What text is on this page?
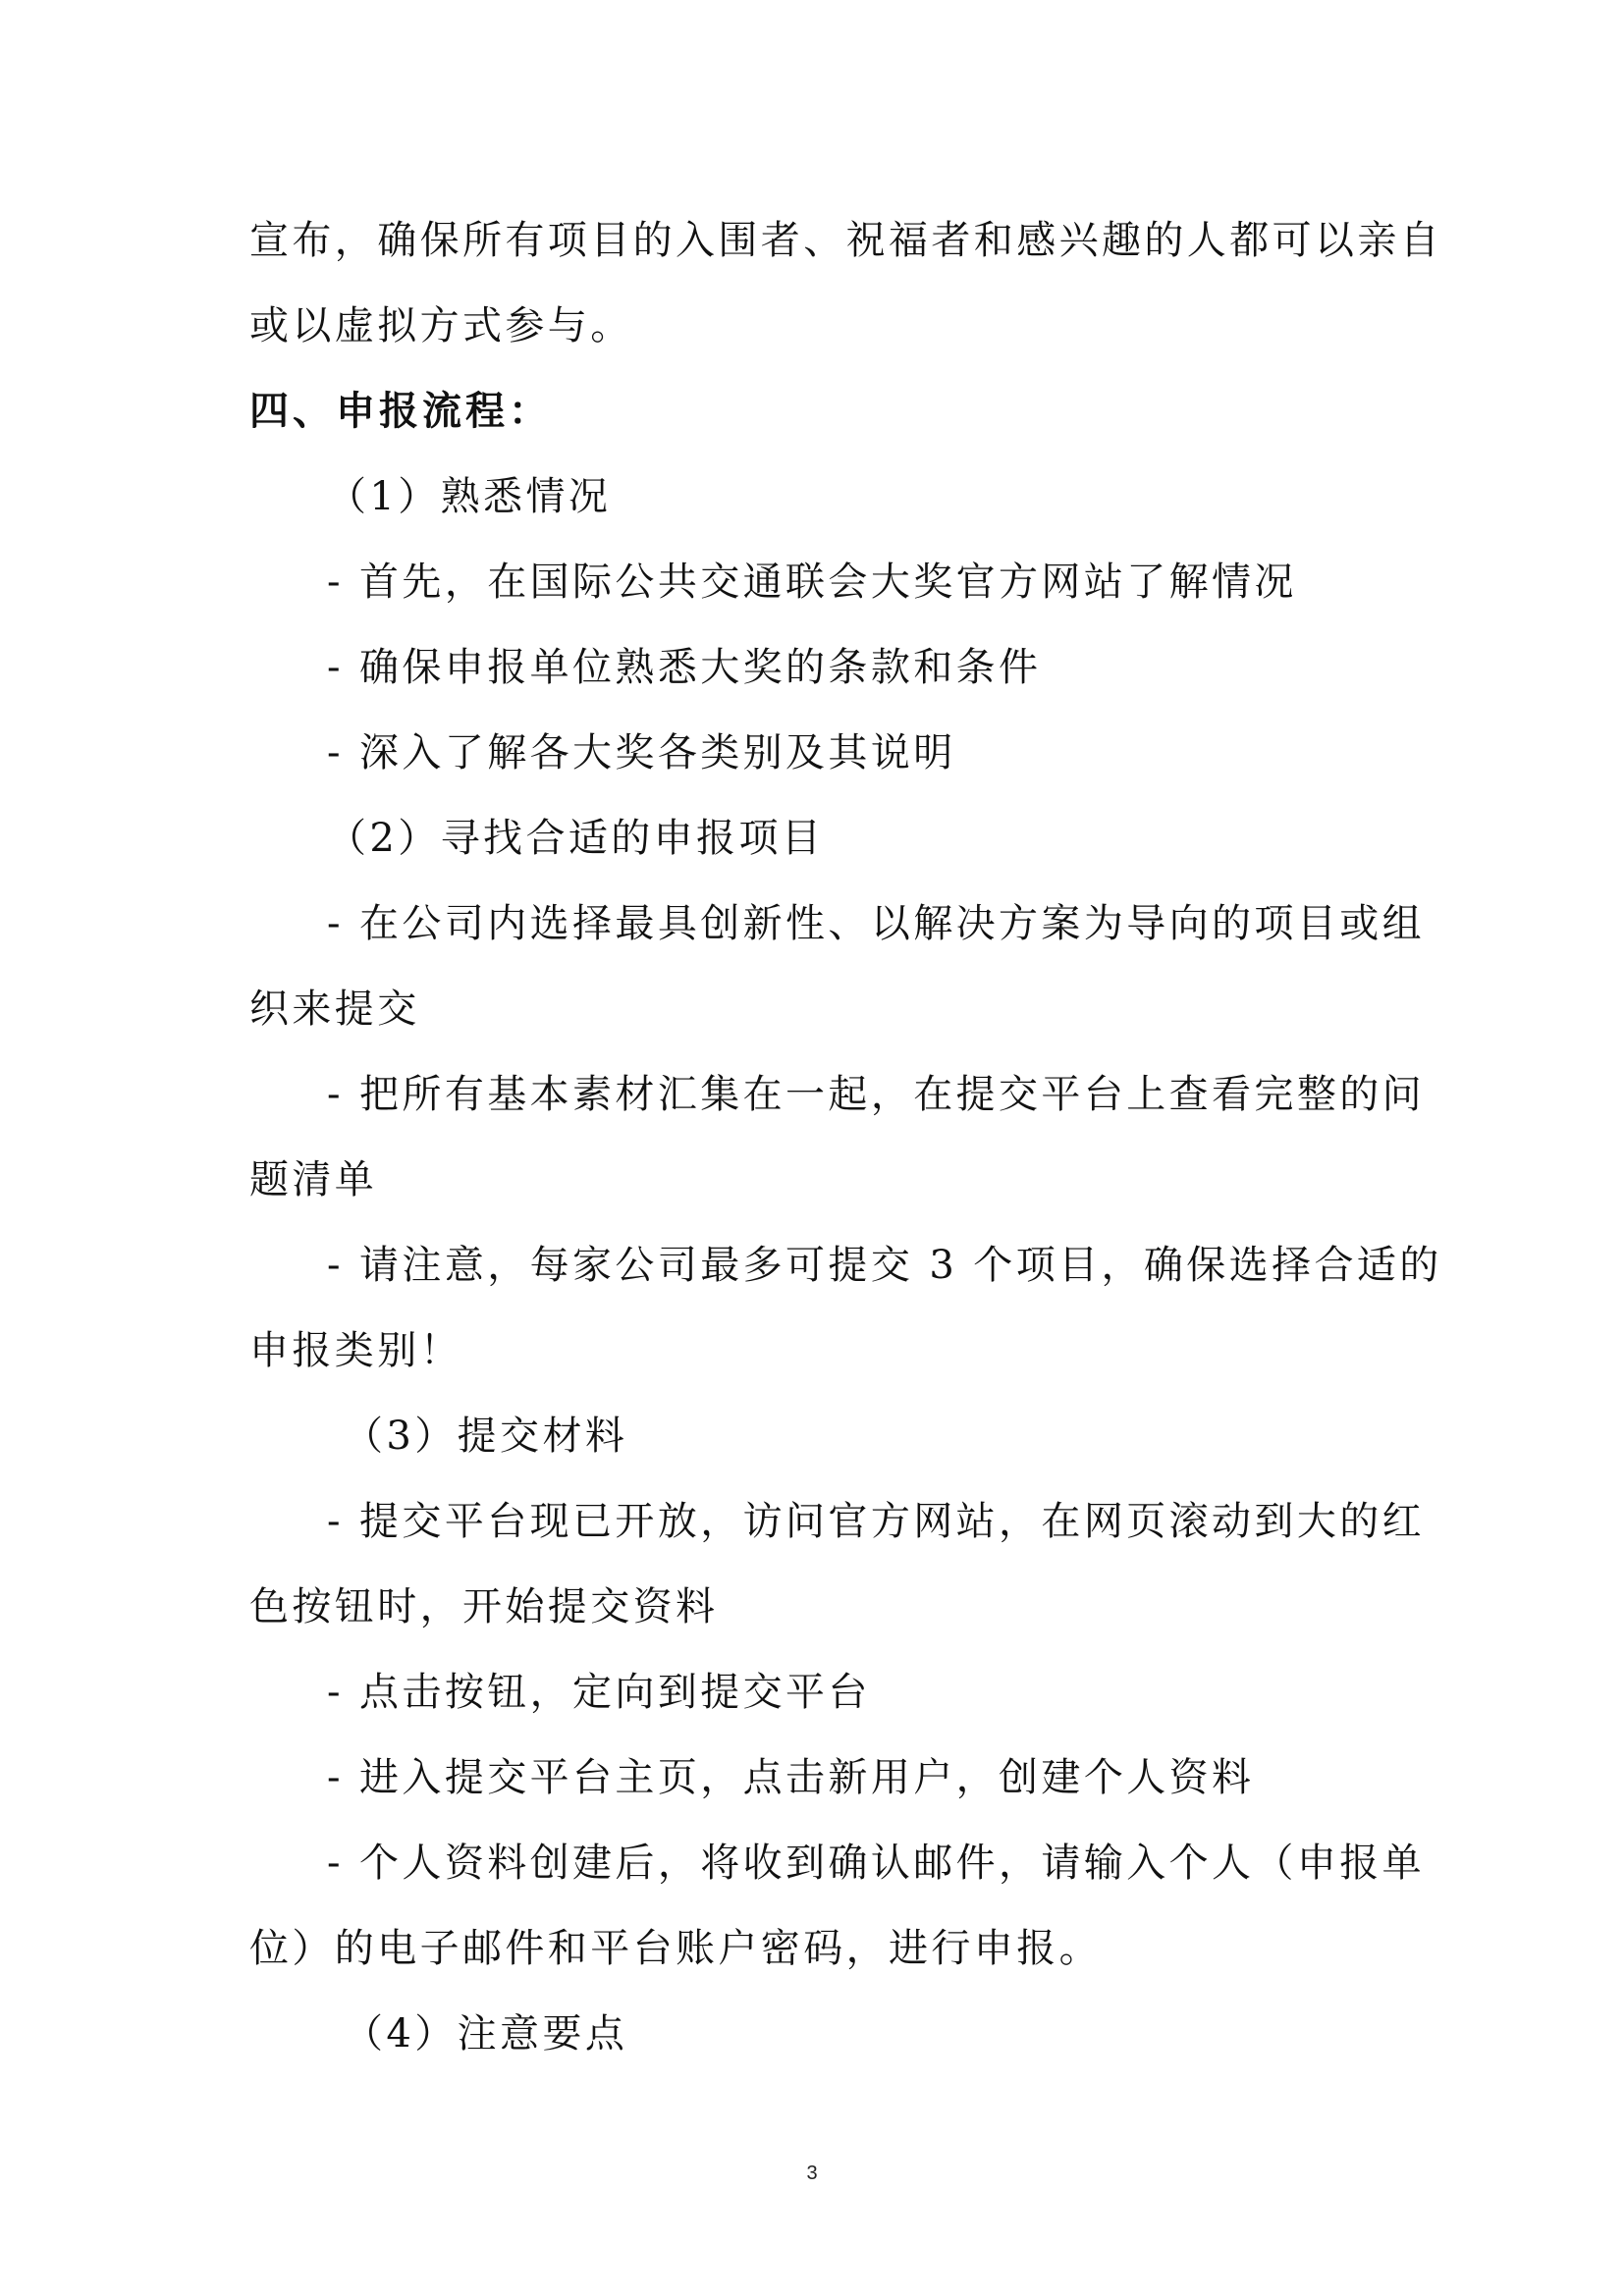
宣布，确保所有项目的入围者、祝福者和感兴趣的人都可以亲自
或以虚拟方式参与。
四、申报流程：
（1）熟悉情况
- 首先，在国际公共交通联会大奖官方网站了解情况
- 确保申报单位熟悉大奖的条款和条件
- 深入了解各大奖各类别及其说明
（2）寻找合适的申报项目
- 在公司内选择最具创新性、以解决方案为导向的项目或组
织来提交
- 把所有基本素材汇集在一起，在提交平台上查看完整的问
题清单
- 请注意，每家公司最多可提交 3 个项目，确保选择合适的
申报类别！
（3）提交材料
- 提交平台现已开放，访问官方网站，在网页滚动到大的红
色按钮时，开始提交资料
- 点击按钮，定向到提交平台
- 进入提交平台主页，点击新用户，创建个人资料
- 个人资料创建后，将收到确认邮件，请输入个人（申报单
位）的电子邮件和平台账户密码，进行申报。
（4）注意要点
3
